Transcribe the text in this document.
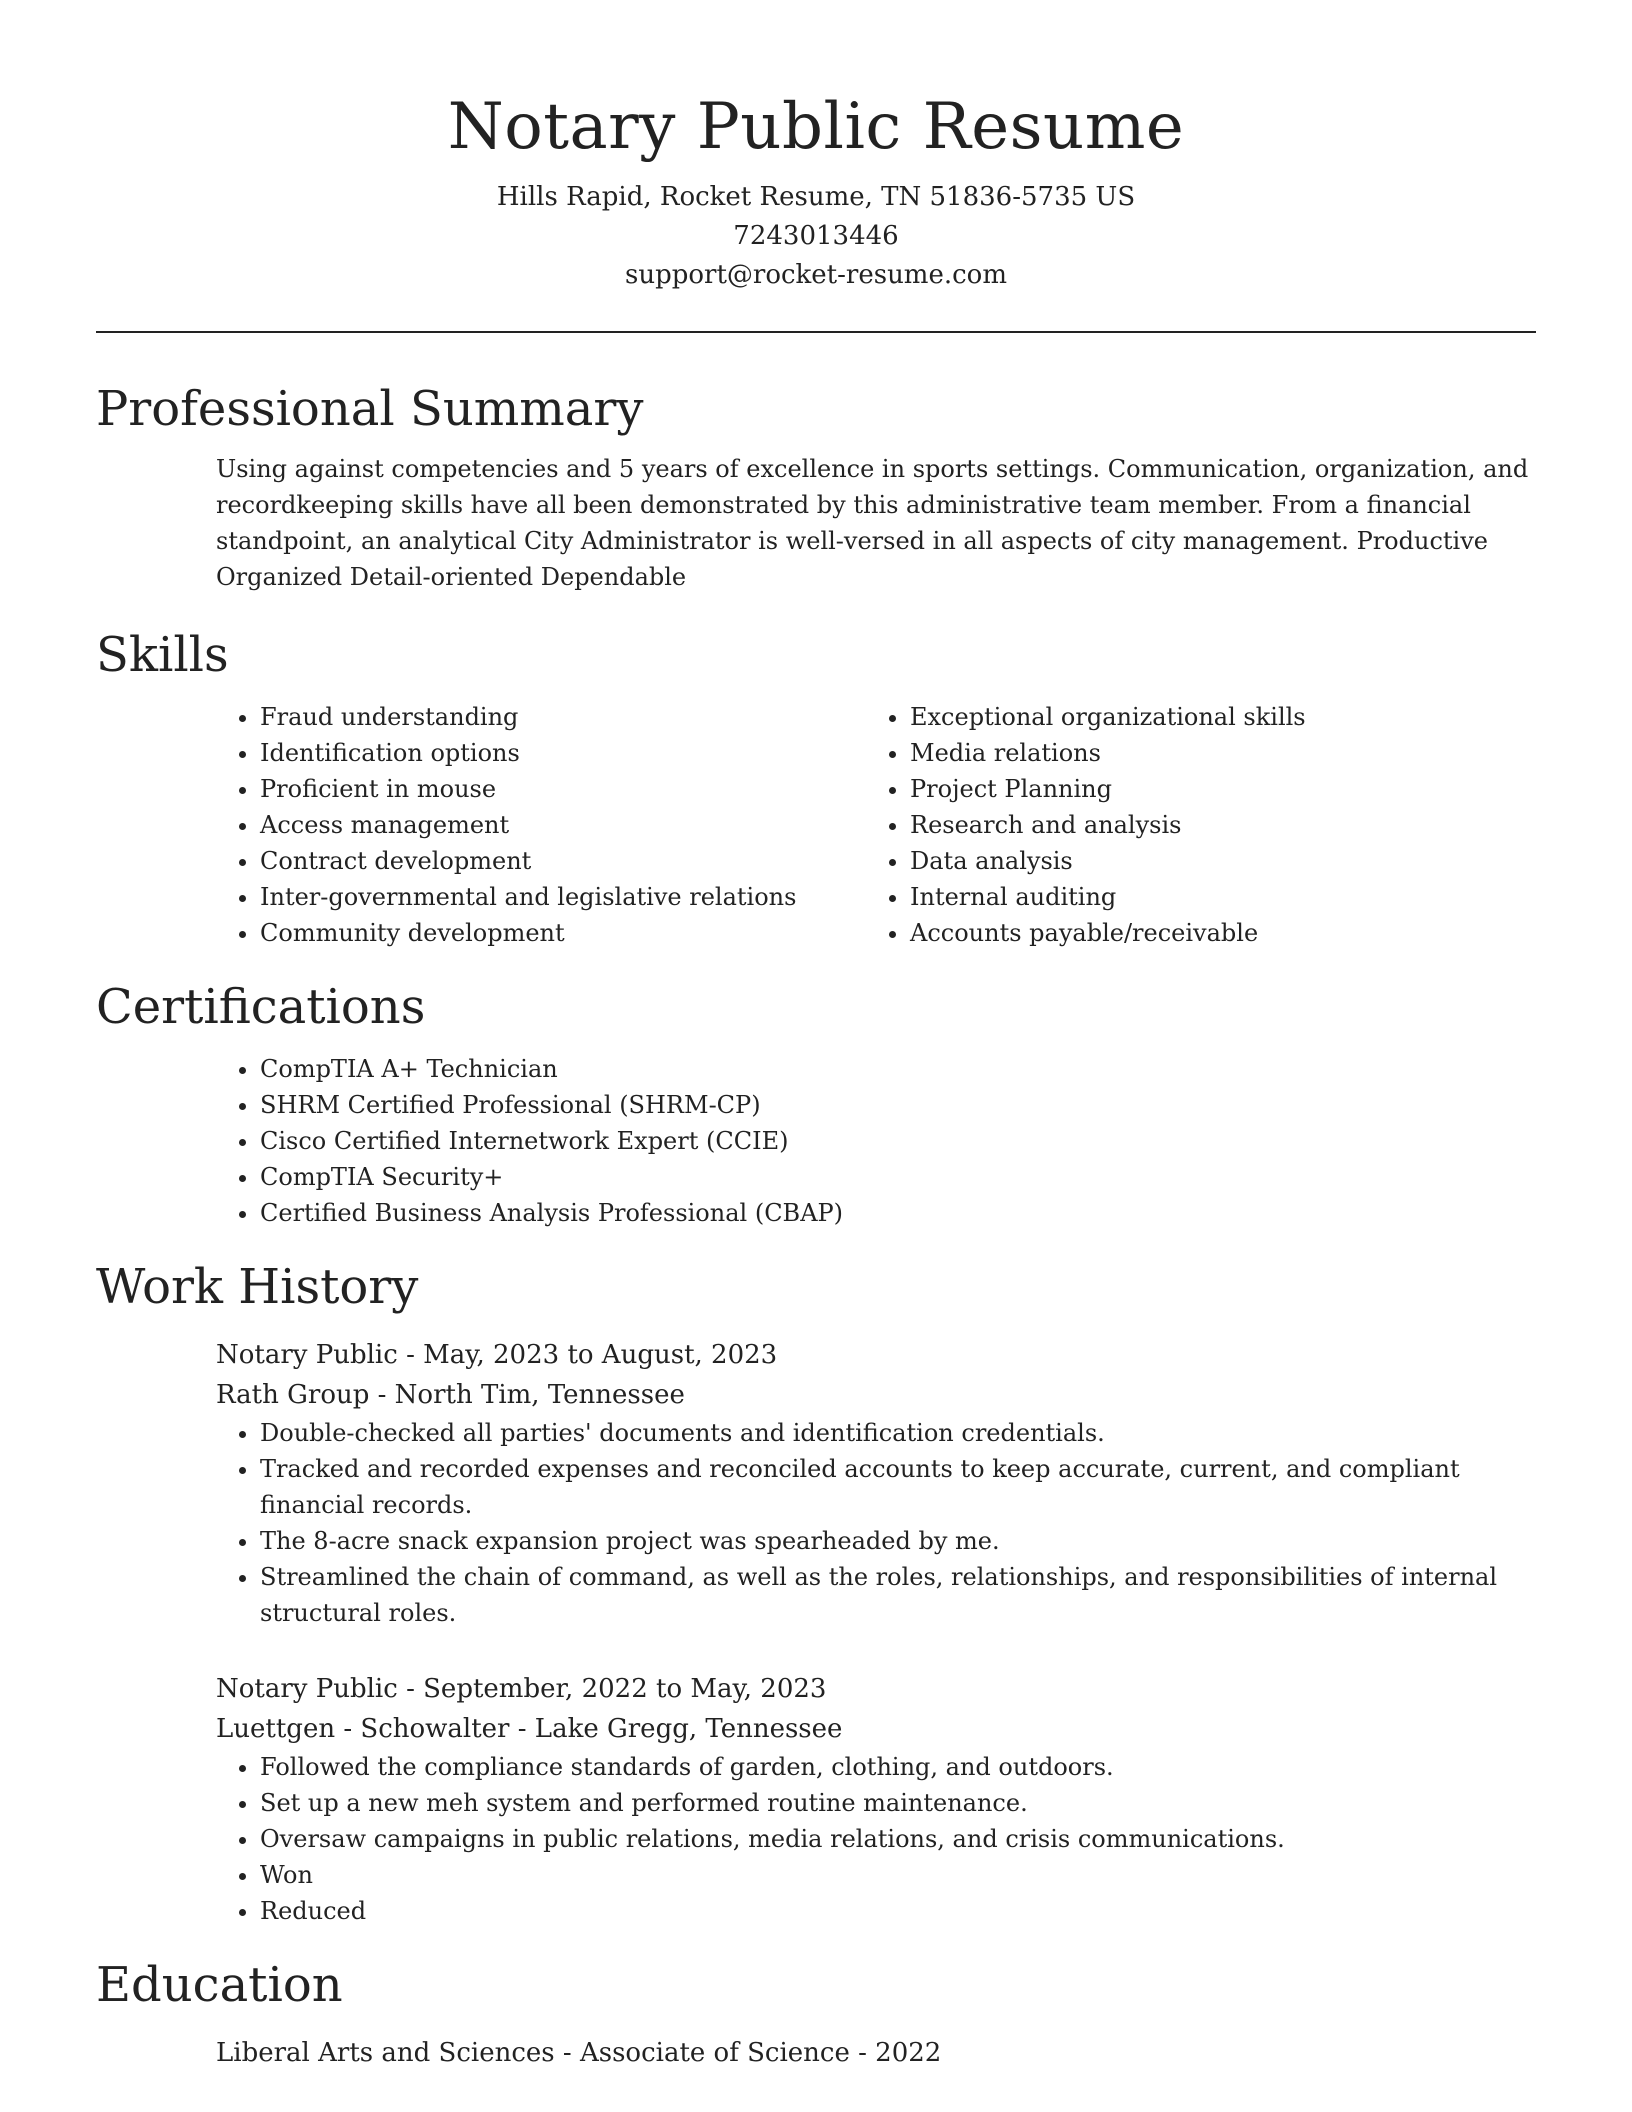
Notary Public Resume
Hills Rapid, Rocket Resume, TN 51836-5735 US
7243013446
support@rocket-resume.com
Professional Summary
Using against competencies and 5 years of excellence in sports settings. Communication, organization, and recordkeeping skills have all been demonstrated by this administrative team member. From a financial standpoint, an analytical City Administrator is well-versed in all aspects of city management. Productive Organized Detail-oriented Dependable
Skills
• Fraud understanding
• Identification options
• Proficient in mouse
• Access management
• Contract development
• Inter-governmental and legislative relations
• Community development
• Exceptional organizational skills
• Media relations
• Project Planning
• Research and analysis
• Data analysis
• Internal auditing
• Accounts payable/receivable
Certifications
• CompTIA A+ Technician
• SHRM Certified Professional (SHRM-CP)
• Cisco Certified Internetwork Expert (CCIE)
• CompTIA Security+
• Certified Business Analysis Professional (CBAP)
Work History
Notary Public - May, 2023 to August, 2023
Rath Group - North Tim, Tennessee
• Double-checked all parties' documents and identification credentials.
• Tracked and recorded expenses and reconciled accounts to keep accurate, current, and compliant financial records.
• The 8-acre snack expansion project was spearheaded by me.
• Streamlined the chain of command, as well as the roles, relationships, and responsibilities of internal structural roles.
Notary Public - September, 2022 to May, 2023
Luettgen - Schowalter - Lake Gregg, Tennessee
• Followed the compliance standards of garden, clothing, and outdoors.
• Set up a new meh system and performed routine maintenance.
• Oversaw campaigns in public relations, media relations, and crisis communications.
• Won
• Reduced
Education
Liberal Arts and Sciences - Associate of Science - 2022
